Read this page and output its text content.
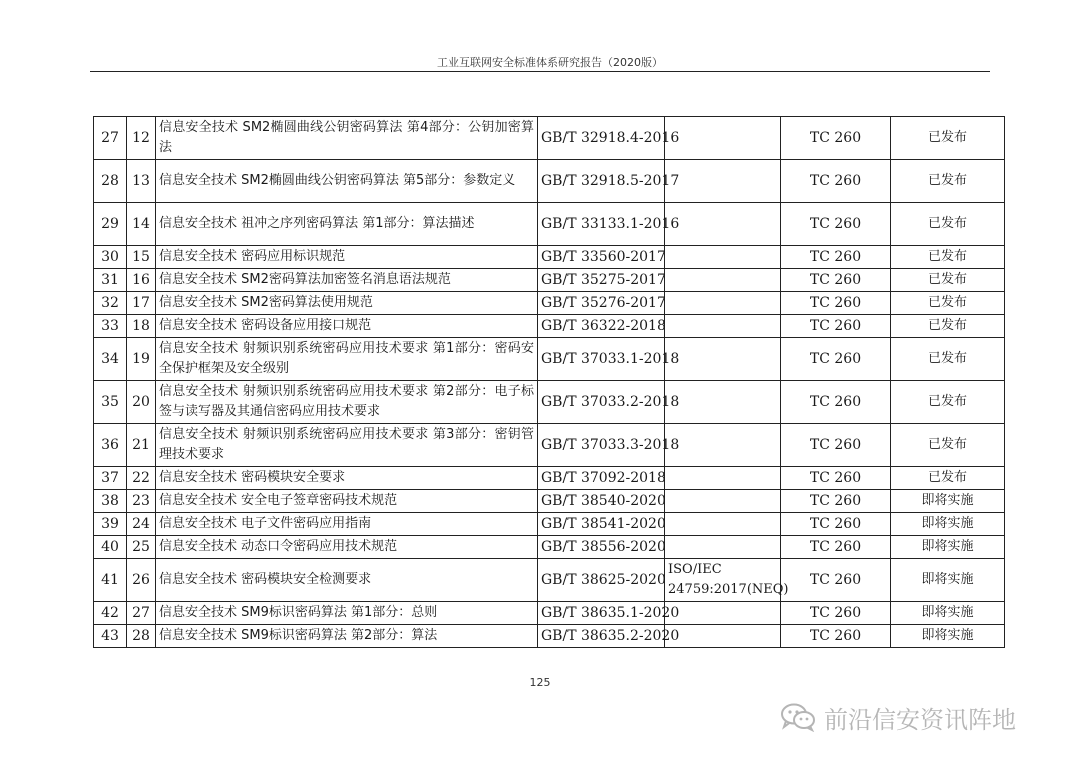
工业互联网安全标准体系研究报告（2020版）
27	12	信息安全技术 SM2椭圆曲线公钥密码算法 第4部分：公钥加密算法	GB/T 32918.4-2016		TC 260	已发布
28	13	信息安全技术 SM2椭圆曲线公钥密码算法 第5部分：参数定义	GB/T 32918.5-2017		TC 260	已发布
29	14	信息安全技术 祖冲之序列密码算法 第1部分：算法描述	GB/T 33133.1-2016		TC 260	已发布
30	15	信息安全技术 密码应用标识规范	GB/T 33560-2017		TC 260	已发布
31	16	信息安全技术 SM2密码算法加密签名消息语法规范	GB/T 35275-2017		TC 260	已发布
32	17	信息安全技术 SM2密码算法使用规范	GB/T 35276-2017		TC 260	已发布
33	18	信息安全技术 密码设备应用接口规范	GB/T 36322-2018		TC 260	已发布
34	19	信息安全技术 射频识别系统密码应用技术要求 第1部分：密码安全保护框架及安全级别	GB/T 37033.1-2018		TC 260	已发布
35	20	信息安全技术 射频识别系统密码应用技术要求 第2部分：电子标签与读写器及其通信密码应用技术要求	GB/T 37033.2-2018		TC 260	已发布
36	21	信息安全技术 射频识别系统密码应用技术要求 第3部分：密钥管理技术要求	GB/T 37033.3-2018		TC 260	已发布
37	22	信息安全技术 密码模块安全要求	GB/T 37092-2018		TC 260	已发布
38	23	信息安全技术 安全电子签章密码技术规范	GB/T 38540-2020		TC 260	即将实施
39	24	信息安全技术 电子文件密码应用指南	GB/T 38541-2020		TC 260	即将实施
40	25	信息安全技术 动态口令密码应用技术规范	GB/T 38556-2020		TC 260	即将实施
41	26	信息安全技术 密码模块安全检测要求	GB/T 38625-2020	ISO/IEC 24759:2017(NEQ)	TC 260	即将实施
42	27	信息安全技术 SM9标识密码算法 第1部分：总则	GB/T 38635.1-2020		TC 260	即将实施
43	28	信息安全技术 SM9标识密码算法 第2部分：算法	GB/T 38635.2-2020		TC 260	即将实施
125
前沿信安资讯阵地
